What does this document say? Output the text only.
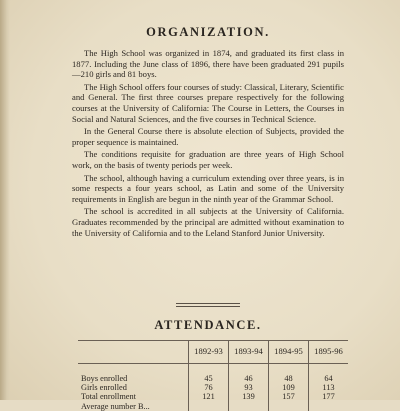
ORGANIZATION.

The High School was organized in 1874, and graduated its first class in 1877. Including the June class of 1896, there have been graduated 291 pupils—210 girls and 81 boys.

The High School offers four courses of study: Classical, Literary, Scientific and General. The first three courses prepare respectively for the following courses at the University of California: The Course in Letters, the Courses in Social and Natural Sciences, and the five courses in Technical Science.

In the General Course there is absolute election of Subjects, provided the proper sequence is maintained.

The conditions requisite for graduation are three years of High School work, on the basis of twenty periods per week.

The school, although having a curriculum extending over three years, is in some respects a four years school, as Latin and some of the University requirements in English are begun in the ninth year of the Grammar School.

The school is accredited in all subjects at the University of California. Graduates recommended by the principal are admitted without examination to the University of California and to the Leland Stanford Junior University.

ATTENDANCE.
	1892-93	1893-94	1894-95	1895-96

Boys enrolled	45	46	48	64
Girls enrolled	76	93	109	113
Total enrollment	121	139	157	177
Average number B...				
